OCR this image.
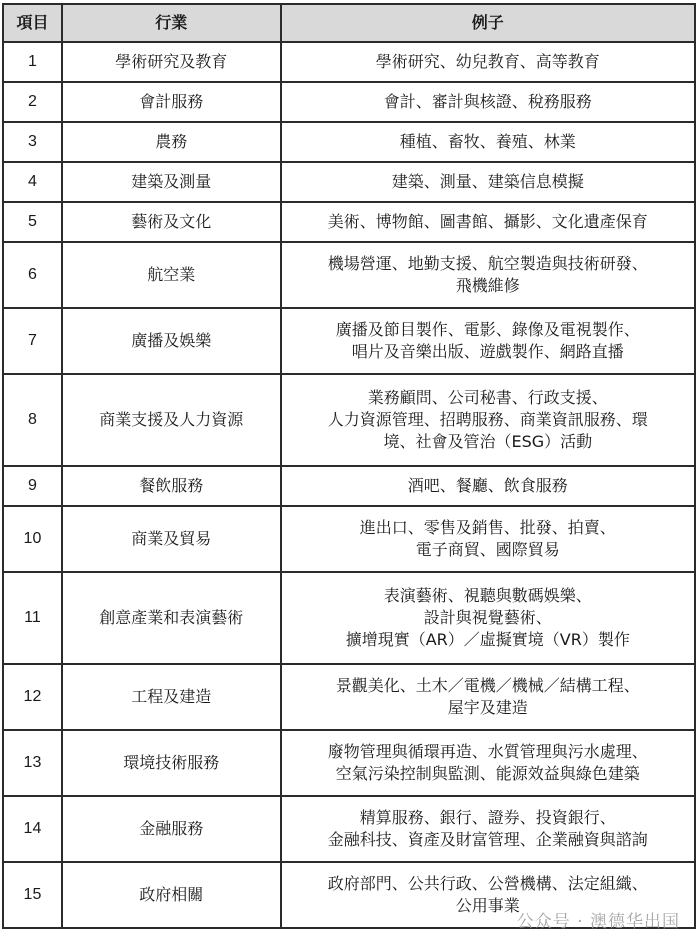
項目	行業	例子
1	學術研究及教育	學術研究、幼兒教育、高等教育

2	會計服務	會計、審計與核證、稅務服務

3	農務	種植、畜牧、養殖、林業

4	建築及測量	建築、測量、建築信息模擬

5	藝術及文化	美術、博物館、圖書館、攝影、文化遺產保育

6	航空業	機場營運、地勤支援、航空製造與技術研發、
飛機維修

7	廣播及娛樂	廣播及節目製作、電影、錄像及電視製作、
唱片及音樂出版、遊戲製作、網路直播

8	商業支援及人力資源	業務顧問、公司秘書、行政支援、
人力資源管理、招聘服務、商業資訊服務、環
境、社會及管治（ESG）活動

9	餐飲服務	酒吧、餐廳、飲食服務

10	商業及貿易	進出口、零售及銷售、批發、拍賣、
電子商貿、國際貿易

11	創意產業和表演藝術	表演藝術、視聽與數碼娛樂、
設計與視覺藝術、
擴增現實（AR）／虛擬實境（VR）製作

12	工程及建造	景觀美化、土木／電機／機械／結構工程、
屋宇及建造

13	環境技術服務	廢物管理與循環再造、水質管理與污水處理、
空氣污染控制與監測、能源效益與綠色建築

14	金融服務	精算服務、銀行、證券、投資銀行、
金融科技、資產及財富管理、企業融資與諮詢

15	政府相關	政府部門、公共行政、公營機構、法定組織、
公用事業
公众号 · 澳德华出国
